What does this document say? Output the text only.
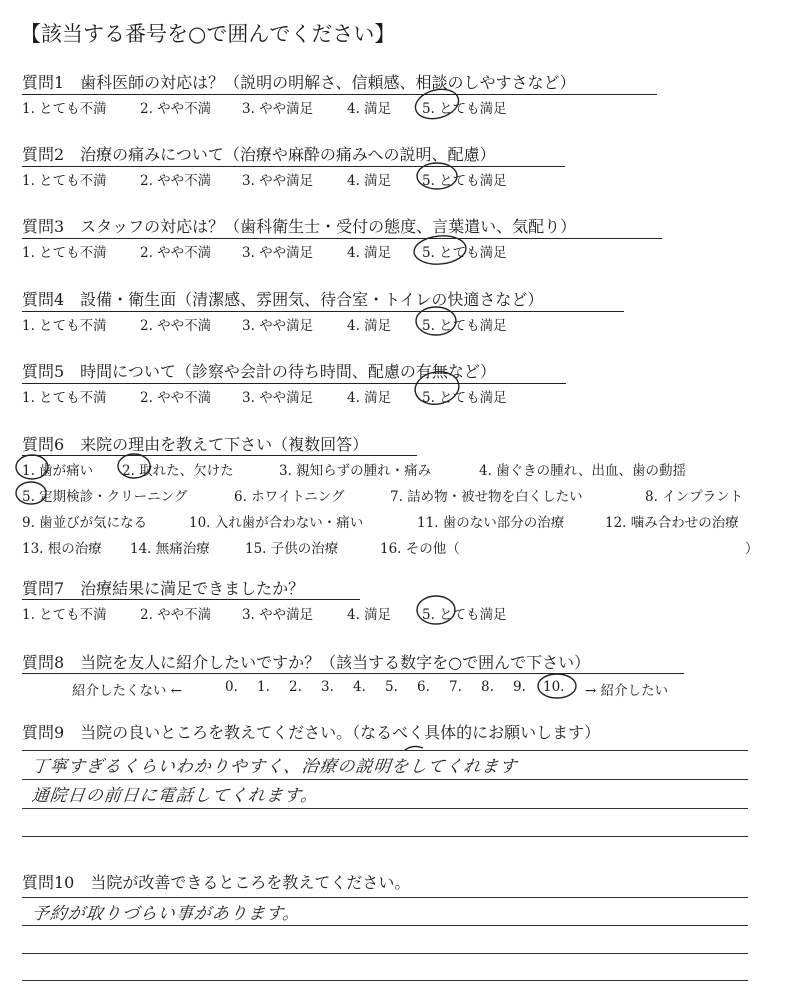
【該当する番号を○で囲んでください】
質問1　歯科医師の対応は？（説明の明解さ、信頼感、相談のしやすさなど）
1. とても不満 2. やや不満 3. やや満足	4. 満足 5. とても満足
質問2　治療の痛みについて（治療や麻酔の痛みへの説明、配慮）
1. とても不満 2. やや不満 3. やや満足	4. 満足 5. とても満足
質問3　スタッフの対応は？（歯科衛生士・受付の態度、言葉遣い、気配り）
1. とても不満 2. やや不満 3. やや満足	4. 満足 5. とても満足
質問4　設備・衛生面（清潔感、雰囲気、待合室・トイレの快適さなど）
1. とても不満 2. やや不満 3. やや満足	4. 満足 5. とても満足
質問5　時間について（診察や会計の待ち時間、配慮の有無など）
1. とても不満 2. やや不満 3. やや満足	4. 満足 5. とても満足
質問6　来院の理由を教えて下さい（複数回答）
1. 歯が痛い 2. 取れた、欠けた	3. 親知らずの腫れ・痛み	4. 歯ぐきの腫れ、出血、歯の動揺
5. 定期検診・クリーニング	6. ホワイトニング	7. 詰め物・被せ物を白くしたい	8. インプラント
9. 歯並びが気になる	10. 入れ歯が合わない・痛い	11. 歯のない部分の治療	12. 噛み合わせの治療
13. 根の治療 14. 無痛治療	15. 子供の治療	16. その他（	）
質問7　治療結果に満足できましたか？
1. とても不満 2. やや不満 3. やや満足	4. 満足 5. とても満足
質問8　当院を友人に紹介したいですか？（該当する数字を○で囲んで下さい）
紹介したくない ←	0. 1. 2. 3. 4. 5. 6. 7. 8. 9. 10.	→ 紹介したい
質問9　当院の良いところを教えてください。（なるべく具体的にお願いします）
丁寧すぎるくらいわかりやすく、治療の説明をしてくれます
通院日の前日に電話してくれます。
質問10　当院が改善できるところを教えてください。
予約が取りづらい事があります。
